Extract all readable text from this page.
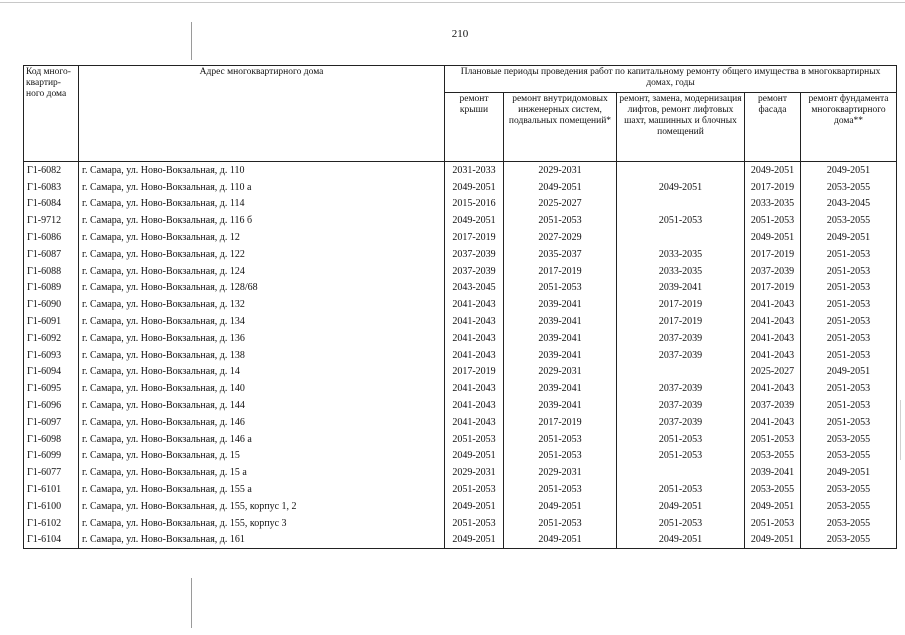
210
Код много-квартир-ного дома	Адрес многоквартирного дома	Плановые периоды проведения работ по капитальному ремонту общего имущества в многоквартирных домах, годы				
		ремонт крыши	ремонт внутридомовых инженерных систем, подвальных помещений*	ремонт, замена, модернизация лифтов, ремонт лифтовых шахт, машинных и блочных помещений	ремонт фасада	ремонт фундамента многоквартирного дома**
Г1-6082	г. Самара, ул. Ново-Вокзальная, д. 110	2031-2033	2029-2031		2049-2051	2049-2051
Г1-6083	г. Самара, ул. Ново-Вокзальная, д. 110 а	2049-2051	2049-2051	2049-2051	2017-2019	2053-2055
Г1-6084	г. Самара, ул. Ново-Вокзальная, д. 114	2015-2016	2025-2027		2033-2035	2043-2045
Г1-9712	г. Самара, ул. Ново-Вокзальная, д. 116 б	2049-2051	2051-2053	2051-2053	2051-2053	2053-2055
Г1-6086	г. Самара, ул. Ново-Вокзальная, д. 12	2017-2019	2027-2029		2049-2051	2049-2051
Г1-6087	г. Самара, ул. Ново-Вокзальная, д. 122	2037-2039	2035-2037	2033-2035	2017-2019	2051-2053
Г1-6088	г. Самара, ул. Ново-Вокзальная, д. 124	2037-2039	2017-2019	2033-2035	2037-2039	2051-2053
Г1-6089	г. Самара, ул. Ново-Вокзальная, д. 128/68	2043-2045	2051-2053	2039-2041	2017-2019	2051-2053
Г1-6090	г. Самара, ул. Ново-Вокзальная, д. 132	2041-2043	2039-2041	2017-2019	2041-2043	2051-2053
Г1-6091	г. Самара, ул. Ново-Вокзальная, д. 134	2041-2043	2039-2041	2017-2019	2041-2043	2051-2053
Г1-6092	г. Самара, ул. Ново-Вокзальная, д. 136	2041-2043	2039-2041	2037-2039	2041-2043	2051-2053
Г1-6093	г. Самара, ул. Ново-Вокзальная, д. 138	2041-2043	2039-2041	2037-2039	2041-2043	2051-2053
Г1-6094	г. Самара, ул. Ново-Вокзальная, д. 14	2017-2019	2029-2031		2025-2027	2049-2051
Г1-6095	г. Самара, ул. Ново-Вокзальная, д. 140	2041-2043	2039-2041	2037-2039	2041-2043	2051-2053
Г1-6096	г. Самара, ул. Ново-Вокзальная, д. 144	2041-2043	2039-2041	2037-2039	2037-2039	2051-2053
Г1-6097	г. Самара, ул. Ново-Вокзальная, д. 146	2041-2043	2017-2019	2037-2039	2041-2043	2051-2053
Г1-6098	г. Самара, ул. Ново-Вокзальная, д. 146 а	2051-2053	2051-2053	2051-2053	2051-2053	2053-2055
Г1-6099	г. Самара, ул. Ново-Вокзальная, д. 15	2049-2051	2051-2053	2051-2053	2053-2055	2053-2055
Г1-6077	г. Самара, ул. Ново-Вокзальная, д. 15 а	2029-2031	2029-2031		2039-2041	2049-2051
Г1-6101	г. Самара, ул. Ново-Вокзальная, д. 155 а	2051-2053	2051-2053	2051-2053	2053-2055	2053-2055
Г1-6100	г. Самара, ул. Ново-Вокзальная, д. 155, корпус 1, 2	2049-2051	2049-2051	2049-2051	2049-2051	2053-2055
Г1-6102	г. Самара, ул. Ново-Вокзальная, д. 155, корпус 3	2051-2053	2051-2053	2051-2053	2051-2053	2053-2055
Г1-6104	г. Самара, ул. Ново-Вокзальная, д. 161	2049-2051	2049-2051	2049-2051	2049-2051	2053-2055
